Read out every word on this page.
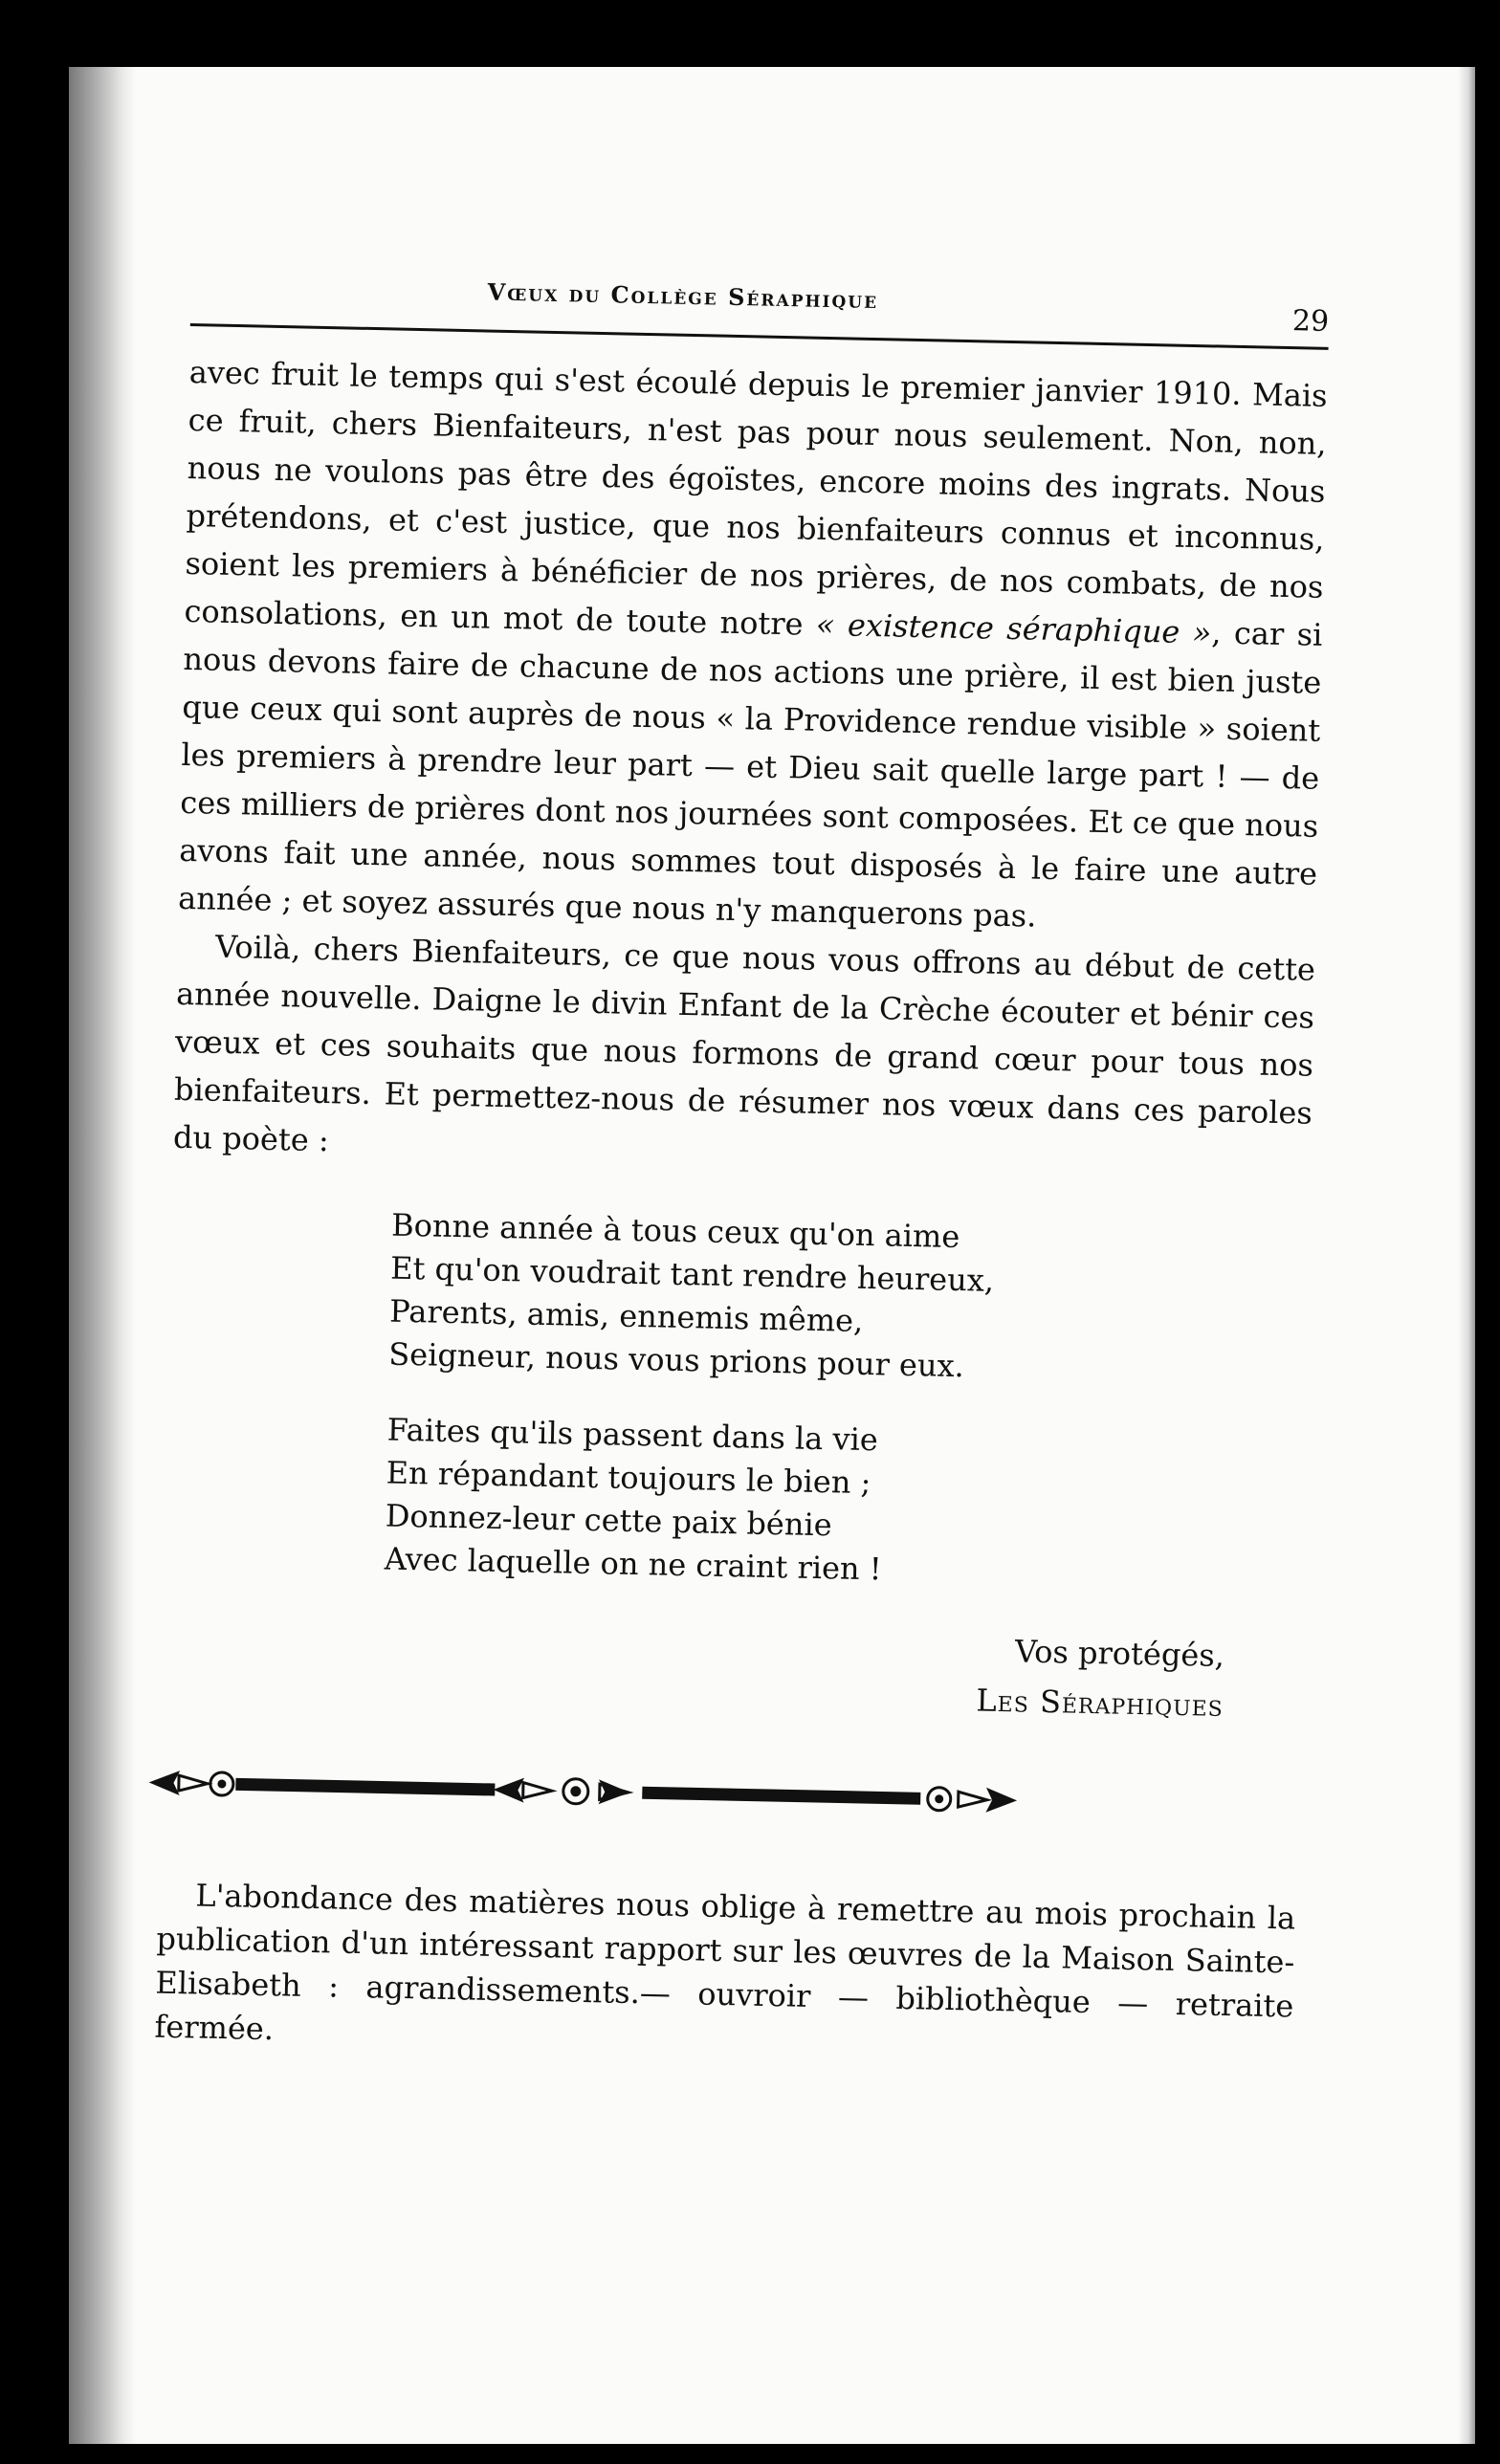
Vœux du Collège Séraphique
29

avec fruit le temps qui s'est écoulé depuis le premier janvier 1910. Mais ce fruit, chers Bienfaiteurs, n'est pas pour nous seulement. Non, non, nous ne voulons pas être des égoïstes, encore moins des ingrats. Nous prétendons, et c'est justice, que nos bienfaiteurs connus et inconnus, soient les premiers à bénéficier de nos prières, de nos combats, de nos consolations, en un mot de toute notre « existence séraphique », car si nous devons faire de chacune de nos actions une prière, il est bien juste que ceux qui sont auprès de nous « la Providence rendue visible » soient les premiers à prendre leur part — et Dieu sait quelle large part ! — de ces milliers de prières dont nos journées sont composées. Et ce que nous avons fait une année, nous sommes tout disposés à le faire une autre année ; et soyez assurés que nous n'y manquerons pas.

Voilà, chers Bienfaiteurs, ce que nous vous offrons au début de cette année nouvelle. Daigne le divin Enfant de la Crèche écouter et bénir ces vœux et ces souhaits que nous formons de grand cœur pour tous nos bienfaiteurs. Et permettez-nous de résumer nos vœux dans ces paroles du poète :

Bonne année à tous ceux qu'on aime
Et qu'on voudrait tant rendre heureux,
Parents, amis, ennemis même,
Seigneur, nous vous prions pour eux.
Faites qu'ils passent dans la vie
En répandant toujours le bien ;
Donnez-leur cette paix bénie
Avec laquelle on ne craint rien !
Vos protégés,
Les Séraphiques

L'abondance des matières nous oblige à remettre au mois prochain la publication d'un intéressant rapport sur les œuvres de la Maison Sainte-Elisabeth : agrandissements.— ouvroir — bibliothèque — retraite fermée.
